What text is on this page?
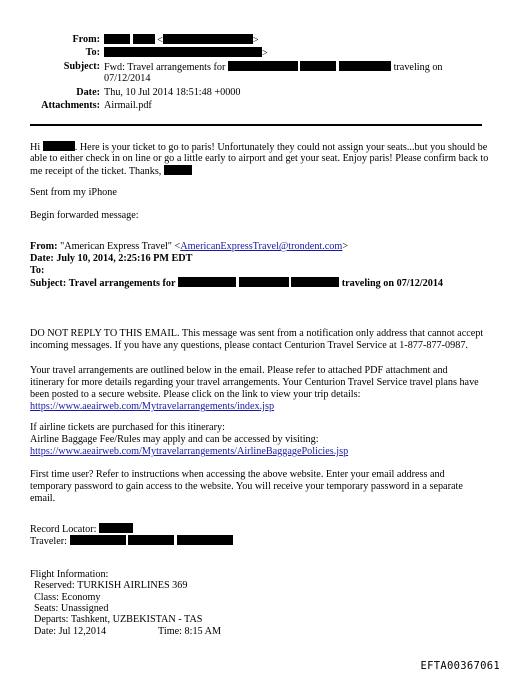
From:	<	>
To:	>
Subject: Fwd: Travel arrangements for	traveling on
07/12/2014
Date: Thu, 10 Jul 2014 18:51:48 +0000
Attachments: Airmail.pdf
Hi	. Here is your ticket to go to paris! Unfortunately they could not assign your seats...but you should be
able to either check in on line or go a little early to airport and get your seat. Enjoy paris! Please confirm back to
me receipt of the ticket. Thanks,
Sent from my iPhone
Begin forwarded message:
From: "American Express Travel" <AmericanExpressTravel@trondent.com>
Date: July 10, 2014, 2:25:16 PM EDT
To:
Subject: Travel arrangements for	traveling on 07/12/2014
DO NOT REPLY TO THIS EMAIL. This message was sent from a notification only address that cannot accept
incoming messages. If you have any questions, please contact Centurion Travel Service at 1-877-877-0987.
Your travel arrangements are outlined below in the email. Please refer to attached PDF attachment and
itinerary for more details regarding your travel arrangements. Your Centurion Travel Service travel plans have
been posted to a secure website. Please click on the link to view your trip details:
https://www.aeairweb.com/Mytravelarrangements/index.jsp
If airline tickets are purchased for this itinerary:
Airline Baggage Fee/Rules may apply and can be accessed by visiting:
https://www.aeairweb.com/Mytravelarrangements/AirlineBaggagePolicies.jsp
First time user? Refer to instructions when accessing the above website. Enter your email address and
temporary password to gain access to the website. You will receive your temporary password in a separate
email.
Record Locator:
Traveler:
Flight Information:
Reserved: TURKISH AIRLINES 369
Class: Economy
Seats: Unassigned
Departs: Tashkent, UZBEKISTAN - TAS
Date: Jul 12,2014	Time: 8:15 AM
EFTA00367061
